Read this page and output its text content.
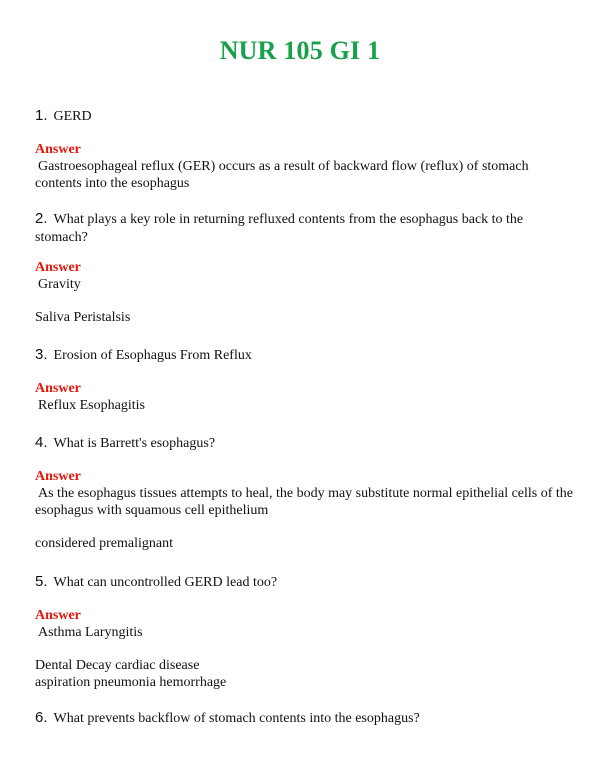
NUR 105 GI 1

1. GERD

Answer

Gastroesophageal reflux (GER) occurs as a result of backward flow (reflux) of stomach

contents into the esophagus

2. What plays a key role in returning refluxed contents from the esophagus back to the

stomach?

Answer

Gravity

Saliva Peristalsis

3. Erosion of Esophagus From Reflux

Answer

Reflux Esophagitis

4. What is Barrett's esophagus?

Answer

As the esophagus tissues attempts to heal, the body may substitute normal epithelial cells of the

esophagus with squamous cell epithelium

considered premalignant

5. What can uncontrolled GERD lead too?

Answer

Asthma Laryngitis

Dental Decay cardiac disease

aspiration pneumonia hemorrhage

6. What prevents backflow of stomach contents into the esophagus?
